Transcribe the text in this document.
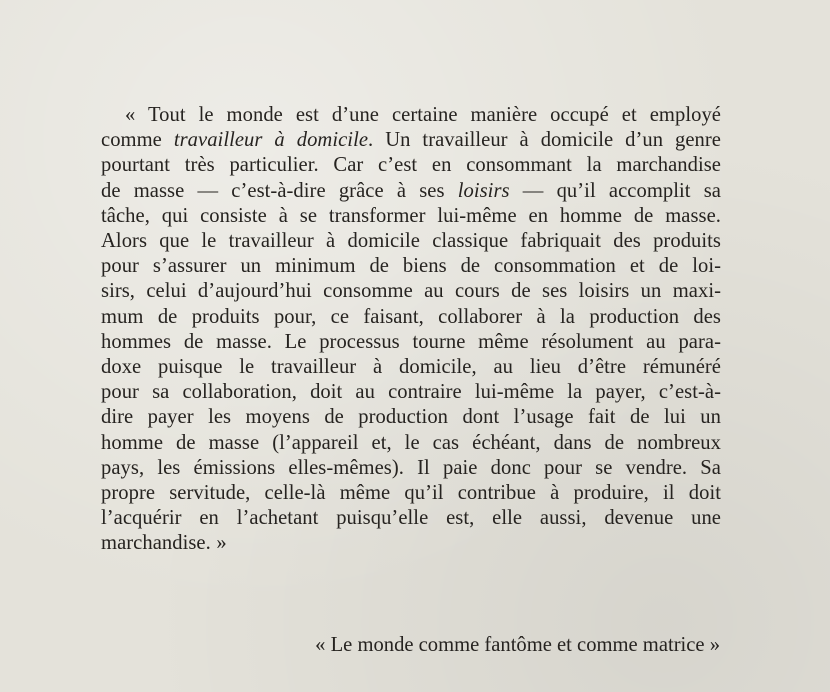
« Tout le monde est d’une certaine manière occupé et employé
comme travailleur à domicile. Un travailleur à domicile d’un genre
pourtant très particulier. Car c’est en consommant la marchandise
de masse — c’est-à-dire grâce à ses loisirs — qu’il accomplit sa
tâche, qui consiste à se transformer lui-même en homme de masse.
Alors que le travailleur à domicile classique fabriquait des produits
pour s’assurer un minimum de biens de consommation et de loi-
sirs, celui d’aujourd’hui consomme au cours de ses loisirs un maxi-
mum de produits pour, ce faisant, collaborer à la production des
hommes de masse. Le processus tourne même résolument au para-
doxe puisque le travailleur à domicile, au lieu d’être rémunéré
pour sa collaboration, doit au contraire lui-même la payer, c’est-à-
dire payer les moyens de production dont l’usage fait de lui un
homme de masse (l’appareil et, le cas échéant, dans de nombreux
pays, les émissions elles-mêmes). Il paie donc pour se vendre. Sa
propre servitude, celle-là même qu’il contribue à produire, il doit
l’acquérir en l’achetant puisqu’elle est, elle aussi, devenue une
marchandise. »
« Le monde comme fantôme et comme matrice »
